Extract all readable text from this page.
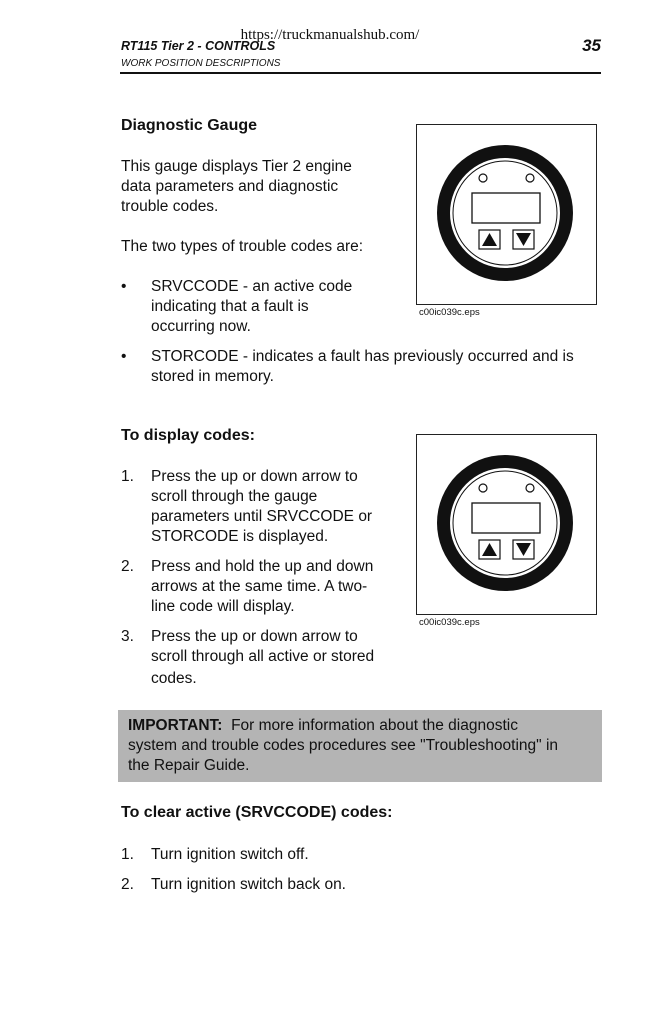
https://truckmanualshub.com/
RT115 Tier 2 - CONTROLS
WORK POSITION DESCRIPTIONS
35
Diagnostic Gauge
This gauge displays Tier 2 engine
data parameters and diagnostic
trouble codes.
The two types of trouble codes are:
• SRVCCODE - an active code
indicating that a fault is
occurring now.
• STORCODE - indicates a fault has previously occurred and is
stored in memory.
c00ic039c.eps
To display codes:
1. Press the up or down arrow to
scroll through the gauge
parameters until SRVCCODE or
STORCODE is displayed.
2. Press and hold the up and down
arrows at the same time. A two-
line code will display.
3. Press the up or down arrow to
scroll through all active or stored
codes.
c00ic039c.eps
IMPORTANT: For more information about the diagnostic
system and trouble codes procedures see "Troubleshooting" in
the Repair Guide.
To clear active (SRVCCODE) codes:
1. Turn ignition switch off.
2. Turn ignition switch back on.
